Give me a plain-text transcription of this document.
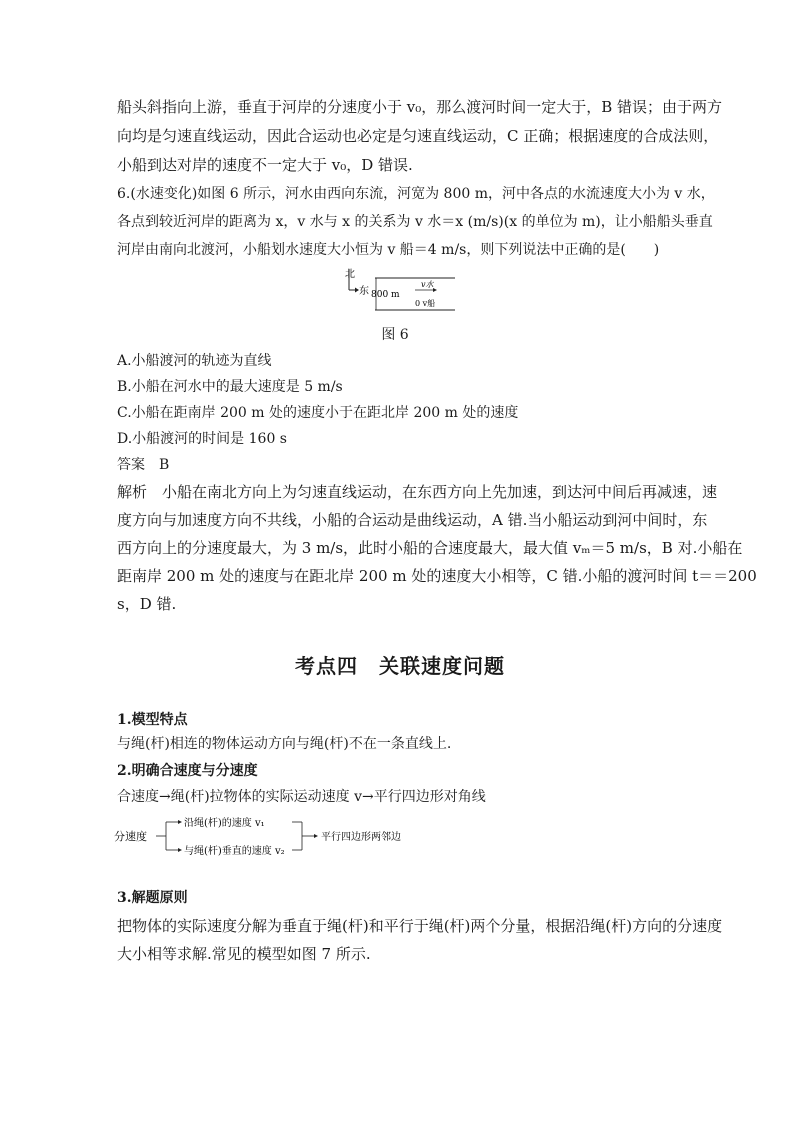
船头斜指向上游，垂直于河岸的分速度小于 v₀，那么渡河时间一定大于，B 错误；由于两方
向均是匀速直线运动，因此合运动也必定是匀速直线运动，C 正确；根据速度的合成法则，
小船到达对岸的速度不一定大于 v₀，D 错误.
6.(水速变化)如图 6 所示，河水由西向东流，河宽为 800 m，河中各点的水流速度大小为 v 水，
各点到较近河岸的距离为 x，v 水与 x 的关系为 v 水＝x (m/s)(x 的单位为 m)，让小船船头垂直
河岸由南向北渡河，小船划水速度大小恒为 v 船＝4 m/s，则下列说法中正确的是(　　)
北
东 800 m
v水
0 v船
图 6
A.小船渡河的轨迹为直线
B.小船在河水中的最大速度是 5 m/s
C.小船在距南岸 200 m 处的速度小于在距北岸 200 m 处的速度
D.小船渡河的时间是 160 s
答案　B
解析　小船在南北方向上为匀速直线运动，在东西方向上先加速，到达河中间后再减速，速
度方向与加速度方向不共线，小船的合运动是曲线运动，A 错.当小船运动到河中间时，东
西方向上的分速度最大，为 3 m/s，此时小船的合速度最大，最大值 vₘ＝5 m/s，B 对.小船在
距南岸 200 m 处的速度与在距北岸 200 m 处的速度大小相等，C 错.小船的渡河时间 t＝＝200
s，D 错.
考点四　关联速度问题
1.模型特点
与绳(杆)相连的物体运动方向与绳(杆)不在一条直线上.
2.明确合速度与分速度
合速度→绳(杆)拉物体的实际运动速度 v→平行四边形对角线
分速度
沿绳(杆)的速度 v₁
与绳(杆)垂直的速度 v₂
平行四边形两邻边
3.解题原则
把物体的实际速度分解为垂直于绳(杆)和平行于绳(杆)两个分量，根据沿绳(杆)方向的分速度
大小相等求解.常见的模型如图 7 所示.
